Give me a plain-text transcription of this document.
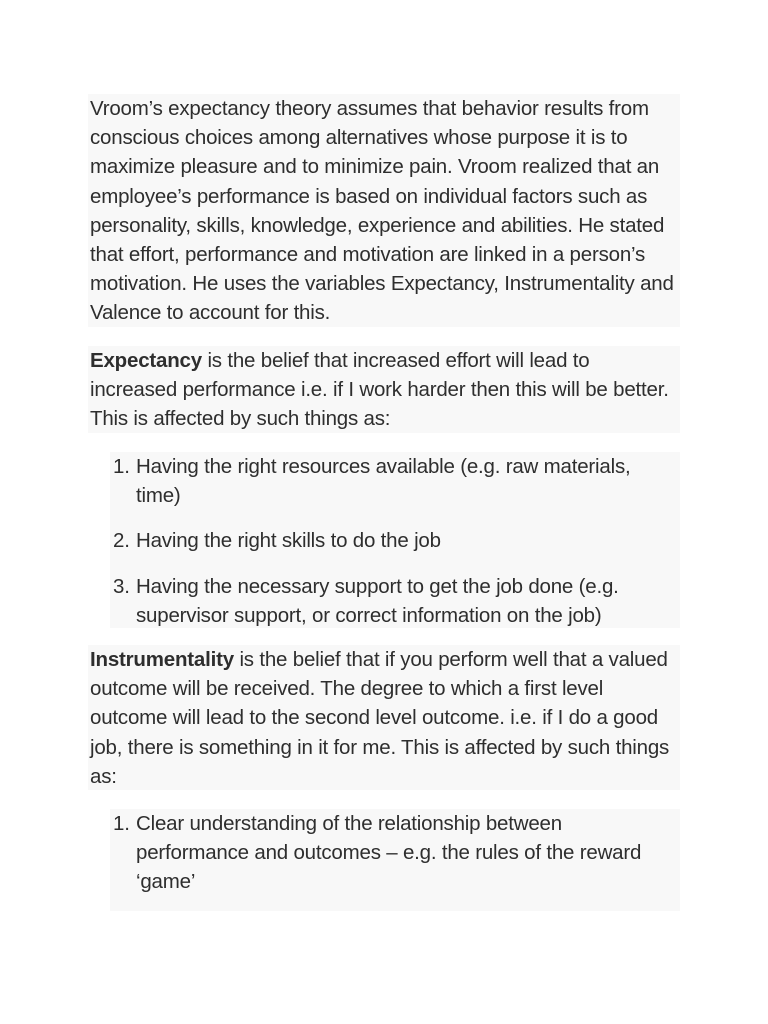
Vroom’s expectancy theory assumes that behavior results from conscious choices among alternatives whose purpose it is to maximize pleasure and to minimize pain. Vroom realized that an employee’s performance is based on individual factors such as personality, skills, knowledge, experience and abilities. He stated that effort, performance and motivation are linked in a person’s motivation. He uses the variables Expectancy, Instrumentality and Valence to account for this.

Expectancy is the belief that increased effort will lead to increased performance i.e. if I work harder then this will be better. This is affected by such things as:

1. Having the right resources available (e.g. raw materials, time)
2. Having the right skills to do the job
3. Having the necessary support to get the job done (e.g. supervisor support, or correct information on the job)

Instrumentality is the belief that if you perform well that a valued outcome will be received. The degree to which a first level outcome will lead to the second level outcome. i.e. if I do a good job, there is something in it for me. This is affected by such things as:

1. Clear understanding of the relationship between performance and outcomes – e.g. the rules of the reward ‘game’
